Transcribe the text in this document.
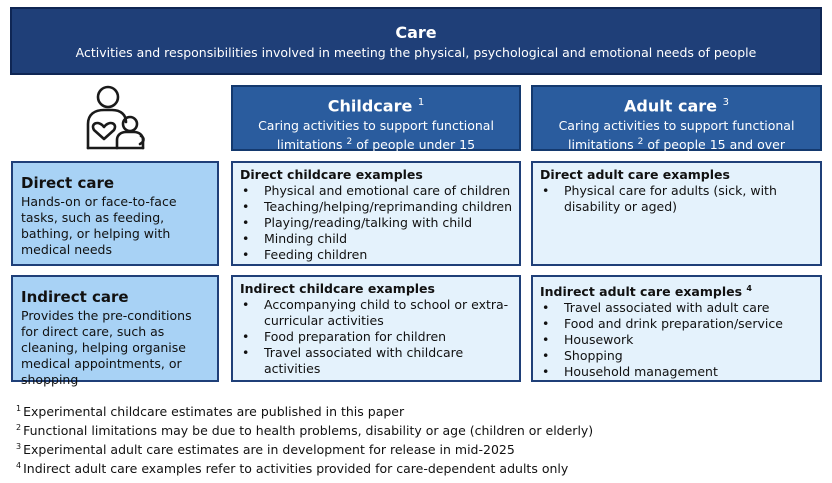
Care
Activities and responsibilities involved in meeting the physical, psychological and emotional needs of people
Childcare $^1$
Caring activities to support functional
limitations $^2$ of people under 15
Adult care $^3$
Caring activities to support functional
limitations $^2$ of people 15 and over
Direct care
Hands-on or face-to-face tasks, such as feeding, bathing, or helping with medical needs
Indirect care
Provides the pre-conditions for direct care, such as cleaning, helping organise medical appointments, or shopping
Direct childcare examples
• Physical and emotional care of children
• Teaching/helping/reprimanding children
• Playing/reading/talking with child
• Minding child
• Feeding children
Direct adult care examples
• Physical care for adults (sick, with disability or aged)
Indirect childcare examples
• Accompanying child to school or extra-curricular activities
• Food preparation for children
• Travel associated with childcare activities
Indirect adult care examples $^4$
• Travel associated with adult care
• Food and drink preparation/service
• Housework
• Shopping
• Household management
$^1$ Experimental childcare estimates are published in this paper
$^2$ Functional limitations may be due to health problems, disability or age (children or elderly)
$^3$ Experimental adult care estimates are in development for release in mid-2025
$^4$ Indirect adult care examples refer to activities provided for care-dependent adults only
